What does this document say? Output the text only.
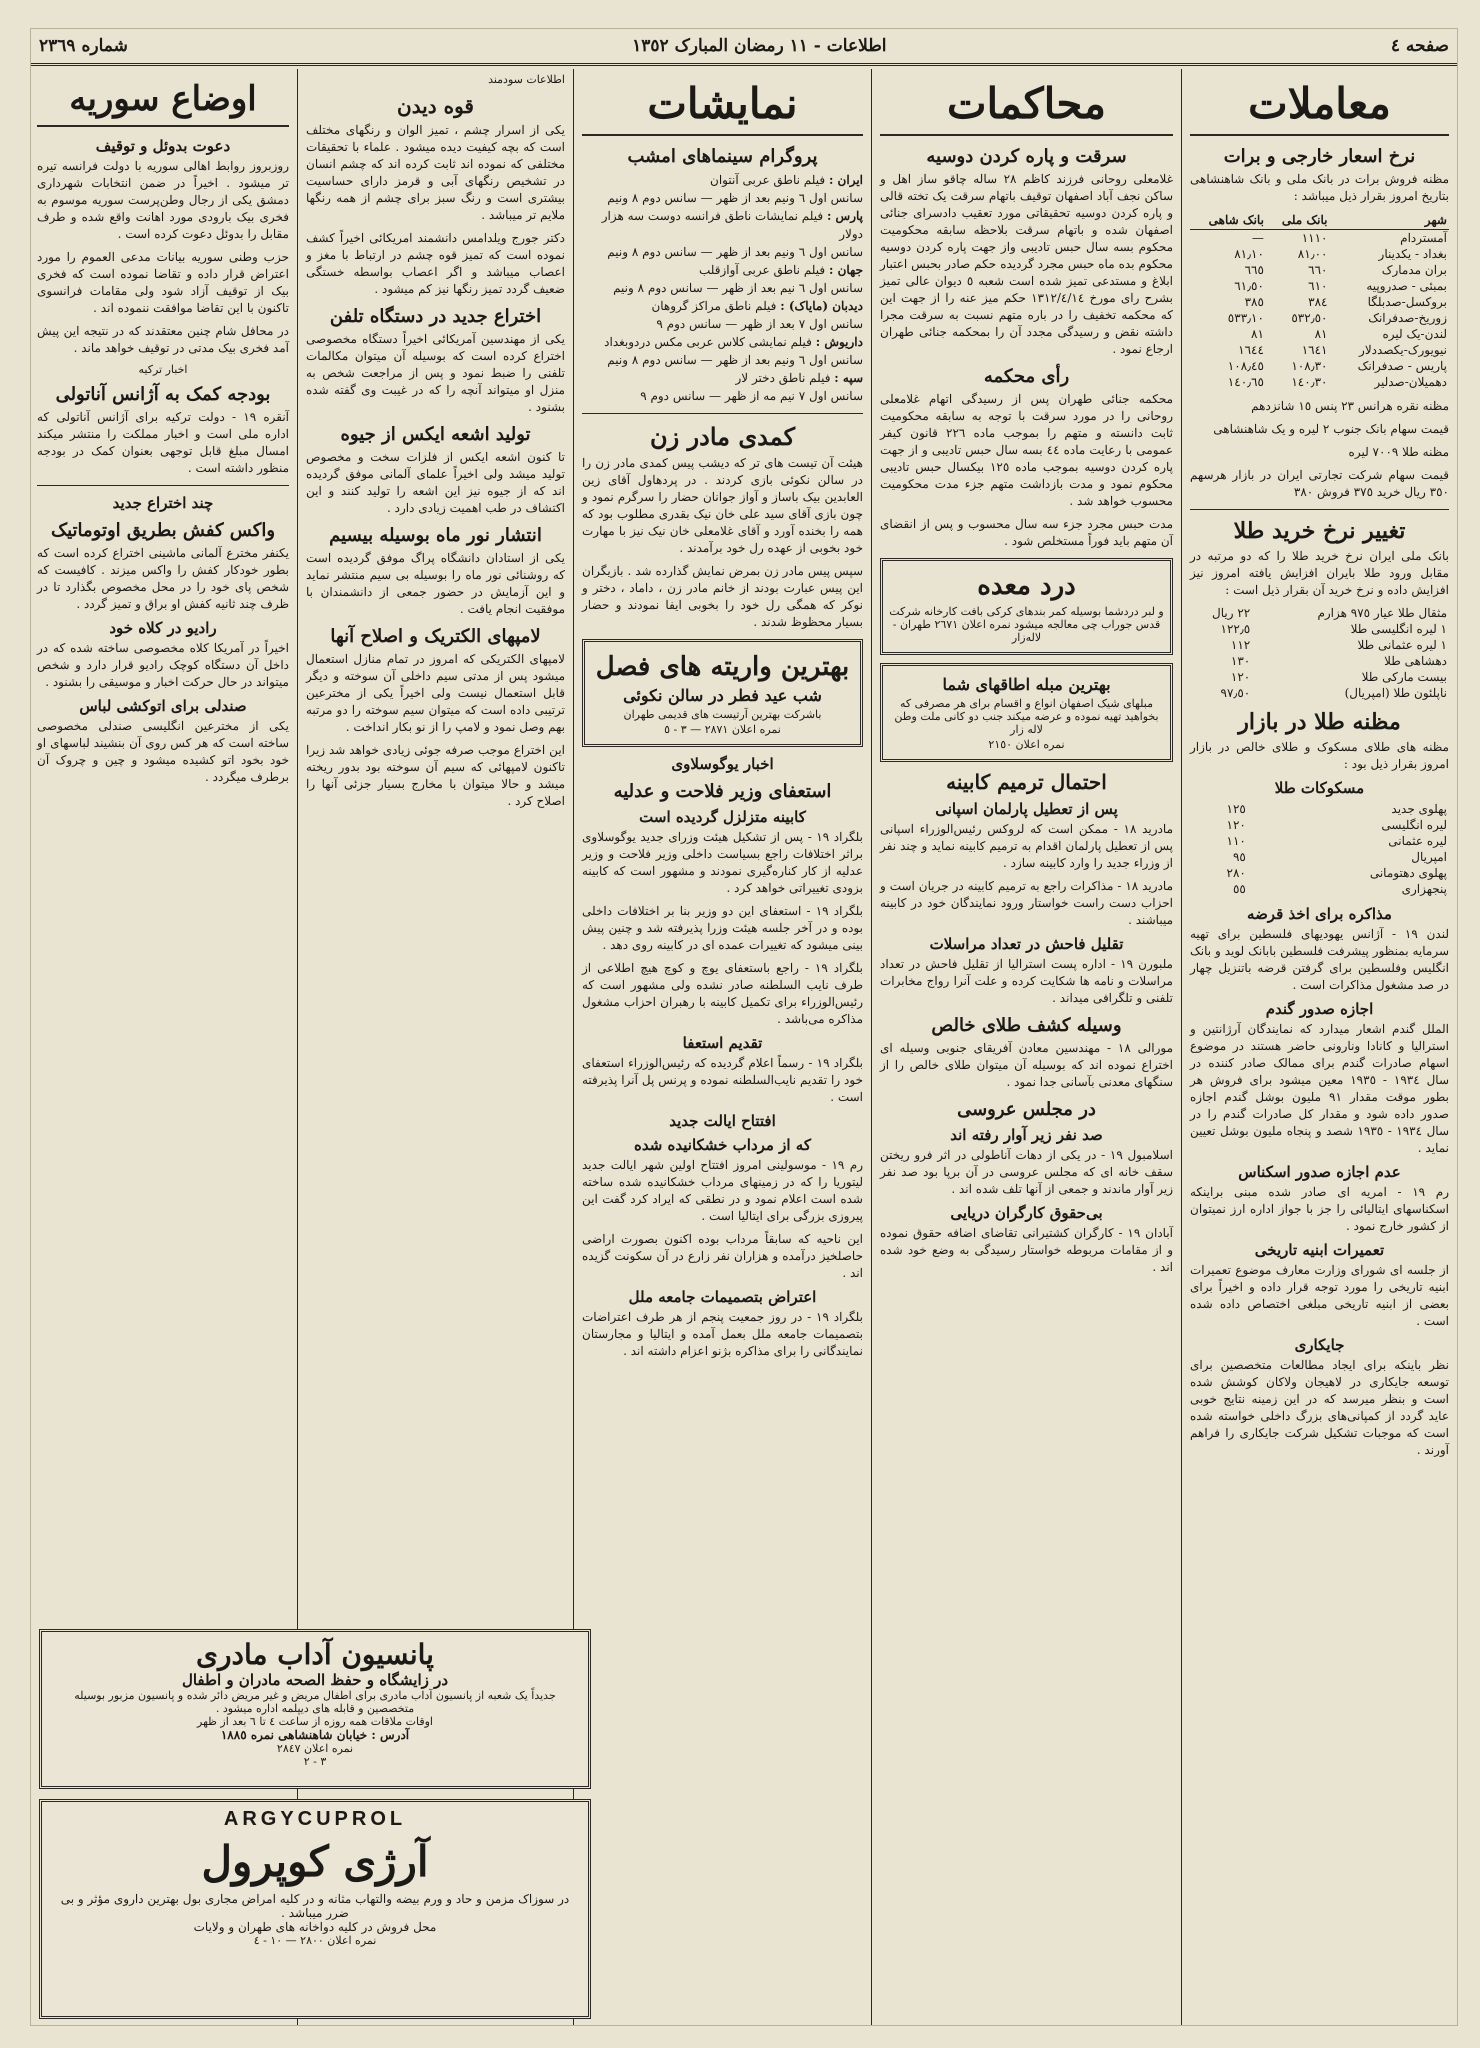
صفحه ٤
اطلاعات - ١١ رمضان المبارک ١٣٥٢
شماره ٢٣٦٩
معاملات
نرخ اسعار خارجی و برات

مظنه فروش برات در بانک ملی و بانک شاهنشاهی بتاریخ امروز بقرار ذیل میباشد :

شهر	بانک ملی	بانک شاهی
آمستردام	١١١٠	—
بغداد - یکدینار	٨١٫٠٠	٨١٫١٠
بران مدمارک	٦٦٠	٦٦٥
بمبئی - صدروپیه	٦١٠	٦١٫٥٠
بروکسل-صدبلگا	٣٨٤	٣٨٥
زوریخ-صدفرانک	٥٣٢٫٥٠	٥٣٣٫١٠
لندن-یک لیره	٨١	٨١
نیویورک-یکصددلار	١٦٤١	١٦٤٤
پاریس - صدفرانک	١٠٨٫٣٠	١٠٨٫٤٥
دهمیلان-صدلیر	١٤٠٫٣٠	١٤٠٫٦٥

مظنه نقره هرانس ٢٣ پنس ١٥ شانزدهم

قیمت سهام بانک جنوب ٢ لیره و یک شاهنشاهی

مظنه طلا ٧٠٠٩ لیره

قیمت سهام شرکت تجارتی ایران در بازار هرسهم ٣٥٠ ریال خرید ٣٧٥ فروش ٣٨٠

تغییر نرخ خرید طلا

بانک ملی ایران نرخ خرید طلا را که دو مرتبه در مقابل ورود طلا بایران افزایش یافته امروز نیز افزایش داده و نرخ خرید آن بقرار ذیل است :

مثقال طلا عیار ٩٧٥ هزارم	٢٢ ریال
١ لیره انگلیسی طلا	١٢٢٫٥
١ لیره عثمانی طلا	١١٢
دهشاهی طلا	١٣٠
بیست مارکی طلا	١٢٠
ناپلئون طلا (امپریال)	٩٧٫٥٠
مظنه طلا در بازار

مظنه های طلای مسکوک و طلای خالص در بازار امروز بقرار ذیل بود :

مسکوکات طلا
پهلوی جدید	١٢٥
لیره انگلیسی	١٢٠
لیره عثمانی	١١٠
امپریال	٩٥
پهلوی دهتومانی	٢٨٠
پنجهزاری	٥٥
مذاکره برای اخذ قرضه

لندن ١٩ - آژانس یهودیهای فلسطین برای تهیه سرمایه بمنظور پیشرفت فلسطین بابانک لوید و بانک انگلیس وفلسطین برای گرفتن قرضه باتنزیل چهار در صد مشغول مذاکرات است .

اجازه صدور گندم

الملل گندم اشعار میدارد که نمایندگان آرژانتین و استرالیا و کانادا ونارونی حاضر هستند در موضوع اسهام صادرات گندم برای ممالک صادر کننده در سال ١٩٣٤ - ١٩٣٥ معین میشود برای فروش هر بطور موقت مقدار ٩١ ملیون بوشل گندم اجازه صدور داده شود و مقدار کل صادرات گندم را در سال ١٩٣٤ - ١٩٣٥ شصد و پنجاه ملیون بوشل تعیین نماید .

عدم اجازه صدور اسکناس

رم ١٩ - امریه ای صادر شده مبنی براینکه اسکناسهای ایتالیائی را جز با جواز اداره ارز نمیتوان از کشور خارج نمود .

تعمیرات ابنیه تاریخی

از جلسه ای شورای وزارت معارف موضوع تعمیرات ابنیه تاریخی را مورد توجه قرار داده و اخیراً برای بعضی از ابنیه تاریخی مبلغی اختصاص داده شده است .

جایکاری

نظر باینکه برای ایجاد مطالعات متخصصین برای توسعه جایکاری در لاهیجان ولاکان کوشش شده است و بنظر میرسد که در این زمینه نتایج خوبی عاید گردد از کمپانی‌های بزرگ داخلی خواسته شده است که موجبات تشکیل شرکت جایکاری را فراهم آورند .

محاکمات
سرقت و پاره کردن دوسیه

غلامعلی روحانی فرزند کاظم ٢٨ ساله چاقو ساز اهل و ساکن نجف آباد اصفهان توقیف باتهام سرقت یک تخته قالی و پاره کردن دوسیه تحقیقاتی مورد تعقیب دادسرای جنائی اصفهان شده و باتهام سرقت بلاحظه سابقه محکومیت محکوم بسه سال حبس تادیبی واز جهت پاره کردن دوسیه محکوم بده ماه حبس مجرد گردیده حکم صادر بحبس اعتبار ابلاغ و مستدعی تمیز شده است شعبه ٥ دیوان عالی تمیز بشرح رای مورخ ١٣١٢/٤/١٤ حکم میز عنه را از جهت این که محکمه تخفیف را در باره متهم نسبت به سرقت مجرا داشته نقض و رسیدگی مجدد آن را بمحکمه جنائی طهران ارجاع نمود .

رأی محکمه

محکمه جنائی طهران پس از رسیدگی اتهام غلامعلی روحانی را در مورد سرقت با توجه به سابقه محکومیت ثابت دانسته و متهم را بموجب ماده ٢٢٦ قانون کیفر عمومی با رعایت ماده ٤٤ بسه سال حبس تادیبی و از جهت پاره کردن دوسیه بموجب ماده ١٢٥ بیکسال حبس تادیبی محکوم نمود و مدت بازداشت متهم جزء مدت محکومیت محسوب خواهد شد .

مدت حبس مجرد جزء سه سال محسوب و پس از انقضای آن متهم باید فوراً مستخلص شود .

درد معده
و لبر دردشما بوسیله کمر بندهای کرکی بافت کارخانه شرکت قدس جوراب چی معالجه میشود نمره اعلان ٢٦٧١ طهران - لاله‌زار
بهترین مبله اطاقهای شما
مبلهای شیک اصفهان انواع و اقسام برای هر مصرفی که بخواهید تهیه نموده و عرضه میکند جنب دو کانی ملت وطن لاله زار
نمره اعلان ٢١٥٠
احتمال ترمیم کابینه
پس از تعطیل پارلمان اسپانی

مادرید ١٨ - ممکن است که لروکس رئیس‌الوزراء اسپانی پس از تعطیل پارلمان اقدام به ترمیم کابینه نماید و چند نفر از وزراء جدید را وارد کابینه سازد .

مادرید ١٨ - مذاکرات راجع به ترمیم کابینه در جریان است و احزاب دست راست خواستار ورود نمایندگان خود در کابینه میباشند .

تقلیل فاحش در تعداد مراسلات

ملبورن ١٩ - اداره پست استرالیا از تقلیل فاحش در تعداد مراسلات و نامه ها شکایت کرده و علت آنرا رواج مخابرات تلفنی و تلگرافی میداند .

وسیله کشف طلای خالص

مورالی ١٨ - مهندسین معادن آفریقای جنوبی وسیله ای اختراع نموده اند که بوسیله آن میتوان طلای خالص را از سنگهای معدنی بآسانی جدا نمود .

در مجلس عروسی
صد نفر زیر آوار رفته اند

اسلامبول ١٩ - در یکی از دهات آناطولی در اثر فرو ریختن سقف خانه ای که مجلس عروسی در آن برپا بود صد نفر زیر آوار ماندند و جمعی از آنها تلف شده اند .

بی‌حقوق کارگران دریایی

آبادان ١٩ - کارگران کشتیرانی تقاضای اضافه حقوق نموده و از مقامات مربوطه خواستار رسیدگی به وضع خود شده اند .

نمایشات
پروگرام سینماهای امشب
ایران : فیلم ناطق عربی آنتوان
سانس اول ٦ ونیم بعد از ظهر — سانس دوم ٨ ونیم
پارس : فیلم نمایشات ناطق فرانسه دوست سه هزار دولار
سانس اول ٦ ونیم بعد از ظهر — سانس دوم ٨ ونیم
جهان : فیلم ناطق عربی آوازقلب
سانس اول ٦ نیم بعد از ظهر — سانس دوم ٨ ونیم
دیدبان (مایاک) : فیلم ناطق مراکز گروهان
سانس اول ٧ بعد از ظهر — سانس دوم ٩
داریوش : فیلم نمایشی کلاس عربی مکس دردوبغداد
سانس اول ٦ ونیم بعد از ظهر — سانس دوم ٨ ونیم
سپه : فیلم ناطق دختر لار
سانس اول ٧ نیم مه از ظهر — سانس دوم ٩
کمدی مادر زن

هیئت آن تیست های تر که دیشب پیس کمدی مادر زن را در سالن نکوئی بازی کردند . در پردهاول آقای زین العابدین بیک باساز و آواز جوانان حضار را سرگرم نمود و چون بازی آقای سید علی خان نیک بقدری مطلوب بود که همه را بخنده آورد و آقای غلامعلی خان نیک نیز با مهارت خود بخوبی از عهده رل خود برآمدند .

سپس پیس مادر زن بمرض نمایش گذارده شد . بازیگران این پیس عبارت بودند از خانم مادر زن ، داماد ، دختر و نوکر که همگی رل خود را بخوبی ایفا نمودند و حضار بسیار محظوظ شدند .

بهترین واریته های فصل
شب عید فطر در سالن نکوئی
باشرکت بهترین آرتیست های قدیمی طهران
نمره اعلان ٢٨٧١ — ٣ - ٥
اخبار یوگوسلاوی
استعفای وزیر فلاحت و عدلیه
کابینه متزلزل گردیده است

بلگراد ١٩ - پس از تشکیل هیئت وزرای جدید یوگوسلاوی براثر اختلافات راجع بسیاست داخلی وزیر فلاحت و وزیر عدلیه از کار کناره‌گیری نمودند و مشهور است که کابینه بزودی تغییراتی خواهد کرد .

بلگراد ١٩ - استعفای این دو وزیر بنا بر اختلافات داخلی بوده و در آخر جلسه هیئت وزرا پذیرفته شد و چنین پیش بینی میشود که تغییرات عمده ای در کابینه روی دهد .

بلگراد ١٩ - راجع باستعفای یوچ و کوچ هیچ اطلاعی از طرف نایب السلطنه صادر نشده ولی مشهور است که رئیس‌الوزراء برای تکمیل کابینه با رهبران احزاب مشغول مذاکره می‌باشد .

تقدیم استعفا

بلگراد ١٩ - رسماً اعلام گردیده که رئیس‌الوزراء استعفای خود را تقدیم نایب‌السلطنه نموده و پرنس پل آنرا پذیرفته است .

افتتاح ایالت جدید
که از مرداب خشکانیده شده

رم ١٩ - موسولینی امروز افتتاح اولین شهر ایالت جدید لیتوریا را که در زمینهای مرداب خشکانیده شده ساخته شده است اعلام نمود و در نطقی که ایراد کرد گفت این پیروزی بزرگی برای ایتالیا است .

این ناحیه که سابقاً مرداب بوده اکنون بصورت اراضی حاصلخیز درآمده و هزاران نفر زارع در آن سکونت گزیده اند .

اعتراض بتصمیمات جامعه ملل

بلگراد ١٩ - در روز جمعیت پنجم از هر طرف اعتراضات بتصمیمات جامعه ملل بعمل آمده و ایتالیا و مجارستان نمایندگانی را برای مذاکره بژنو اعزام داشته اند .

اطلاعات سودمند
قوه دیدن

یکی از اسرار چشم ، تمیز الوان و رنگهای مختلف است که بچه کیفیت دیده میشود . علماء با تحقیقات مختلفی که نموده اند ثابت کرده اند که چشم انسان در تشخیص رنگهای آبی و قرمز دارای حساسیت بیشتری است و رنگ سبز برای چشم از همه رنگها ملایم تر میباشد .

دکتر جورج ویلدامس دانشمند امریکائی اخیراً کشف نموده است که تمیز قوه چشم در ارتباط با مغز و اعصاب میباشد و اگر اعصاب بواسطه خستگی ضعیف گردد تمیز رنگها نیز کم میشود .

اختراع جدید در دستگاه تلفن

یکی از مهندسین آمریکائی اخیراً دستگاه مخصوصی اختراع کرده است که بوسیله آن میتوان مکالمات تلفنی را ضبط نمود و پس از مراجعت شخص به منزل او میتواند آنچه را که در غیبت وی گفته شده بشنود .

تولید اشعه ایکس از جیوه

تا کنون اشعه ایکس از فلزات سخت و مخصوص تولید میشد ولی اخیراً علمای آلمانی موفق گردیده اند که از جیوه نیز این اشعه را تولید کنند و این اکتشاف در طب اهمیت زیادی دارد .

انتشار نور ماه بوسیله بیسیم

یکی از استادان دانشگاه پراگ موفق گردیده است که روشنائی نور ماه را بوسیله بی سیم منتشر نماید و این آزمایش در حضور جمعی از دانشمندان با موفقیت انجام یافت .

لامپهای الکتریک و اصلاح آنها

لامپهای الکتریکی که امروز در تمام منازل استعمال میشود پس از مدتی سیم داخلی آن سوخته و دیگر قابل استعمال نیست ولی اخیراً یکی از مخترعین ترتیبی داده است که میتوان سیم سوخته را دو مرتبه بهم وصل نمود و لامپ را از نو بکار انداخت .

این اختراع موجب صرفه جوئی زیادی خواهد شد زیرا تاکنون لامپهائی که سیم آن سوخته بود بدور ریخته میشد و حالا میتوان با مخارج بسیار جزئی آنها را اصلاح کرد .

اوضاع سوریه
دعوت بدوئل و توقیف

روزبروز روابط اهالی سوریه با دولت فرانسه تیره تر میشود . اخیراً در ضمن انتخابات شهرداری دمشق یکی از رجال وطن‌پرست سوریه موسوم به فخری بیک بارودی مورد اهانت واقع شده و طرف مقابل را بدوئل دعوت کرده است .

حزب وطنی سوریه بیانات مدعی العموم را مورد اعتراض قرار داده و تقاضا نموده است که فخری بیک از توقیف آزاد شود ولی مقامات فرانسوی تاکنون با این تقاضا موافقت ننموده اند .

در محافل شام چنین معتقدند که در نتیجه این پیش آمد فخری بیک مدتی در توقیف خواهد ماند .

اخبار ترکیه
بودجه کمک به آژانس آناتولی

آنقره ١٩ - دولت ترکیه برای آژانس آناتولی که اداره ملی است و اخبار مملکت را منتشر میکند امسال مبلغ قابل توجهی بعنوان کمک در بودجه منظور داشته است .

چند اختراع جدید
واکس کفش بطریق اوتوماتیک

یکنفر مخترع آلمانی ماشینی اختراع کرده است که بطور خودکار کفش را واکس میزند . کافیست که شخص پای خود را در محل مخصوص بگذارد تا در ظرف چند ثانیه کفش او براق و تمیز گردد .

رادیو در کلاه خود

اخیراً در آمریکا کلاه مخصوصی ساخته شده که در داخل آن دستگاه کوچک رادیو قرار دارد و شخص میتواند در حال حرکت اخبار و موسیقی را بشنود .

صندلی برای اتوکشی لباس

یکی از مخترعین انگلیسی صندلی مخصوصی ساخته است که هر کس روی آن بنشیند لباسهای او خود بخود اتو کشیده میشود و چین و چروک آن برطرف میگردد .

پانسیون آداب مادری
در زایشگاه و حفظ الصحه مادران و اطفال
جدیداً یک شعبه از پانسیون آداب مادری برای اطفال مریض و غیر مریض دائر شده و پانسیون مزبور بوسیله متخصصین و قابله های دیپلمه اداره میشود .
اوقات ملاقات همه روزه از ساعت ٤ تا ٦ بعد از ظهر
آدرس : خیابان شاهنشاهی نمره ١٨٨٥
نمره اعلان ٢٨٤٧
٣ - ٢
ARGYCUPROL
آرژی کوپرول
در سوزاک مزمن و حاد و ورم بیضه والتهاب مثانه و در کلیه امراض مجاری بول بهترین داروی مؤثر و بی ضرر میباشد .
محل فروش در کلیه دواخانه های طهران و ولایات
نمره اعلان ٢٨٠٠ — ١٠ - ٤
